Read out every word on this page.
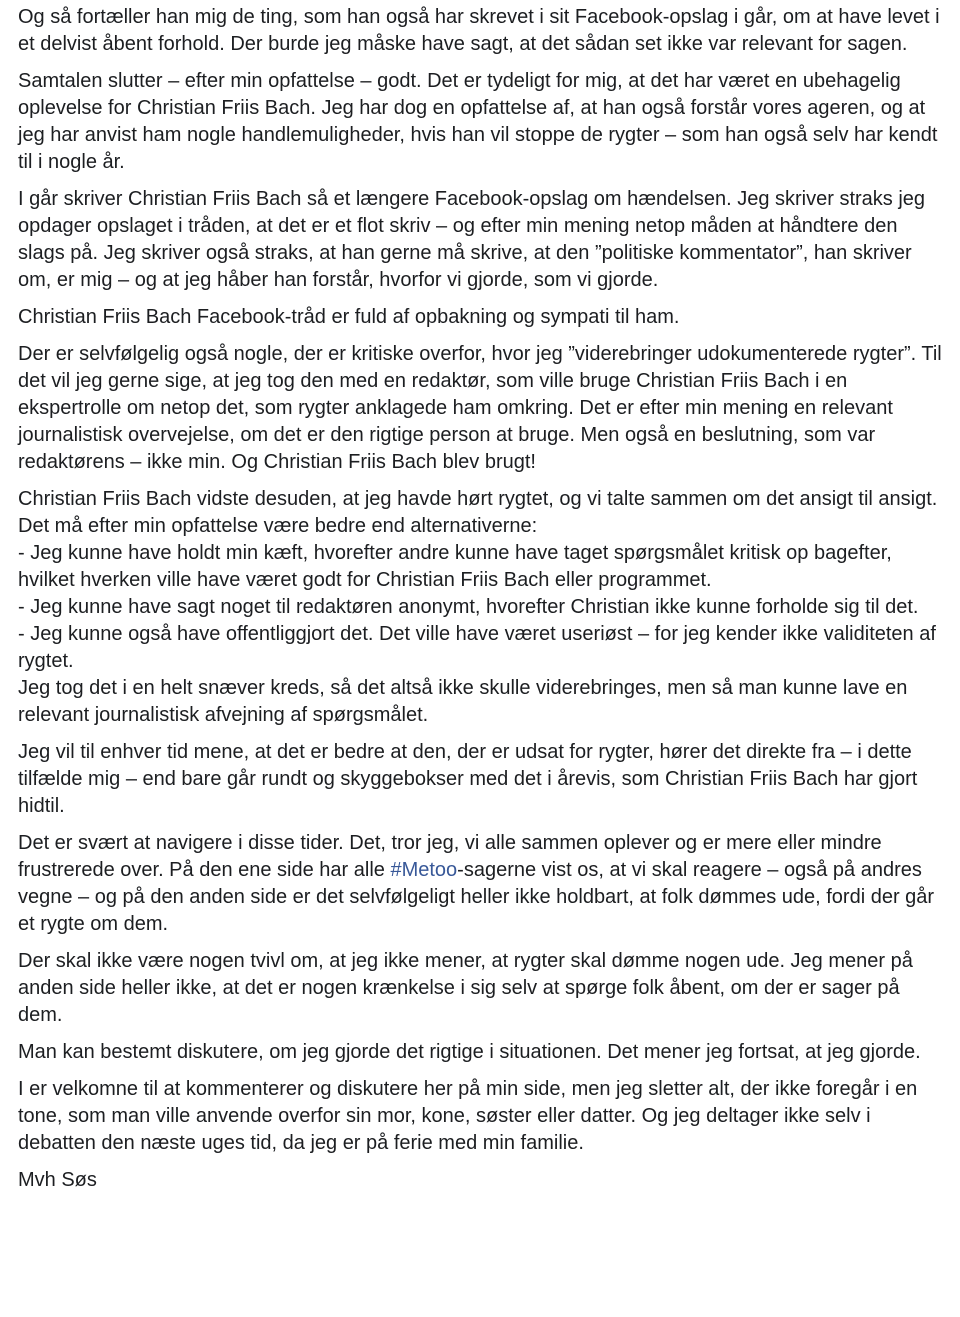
Og så fortæller han mig de ting, som han også har skrevet i sit Facebook-opslag i går, om at have levet i et delvist åbent forhold. Der burde jeg måske have sagt, at det sådan set ikke var relevant for sagen.

Samtalen slutter – efter min opfattelse – godt. Det er tydeligt for mig, at det har været en ubehagelig oplevelse for Christian Friis Bach. Jeg har dog en opfattelse af, at han også forstår vores ageren, og at jeg har anvist ham nogle handlemuligheder, hvis han vil stoppe de rygter – som han også selv har kendt til i nogle år.

I går skriver Christian Friis Bach så et længere Facebook-opslag om hændelsen. Jeg skriver straks jeg opdager opslaget i tråden, at det er et flot skriv – og efter min mening netop måden at håndtere den slags på. Jeg skriver også straks, at han gerne må skrive, at den ”politiske kommentator”, han skriver om, er mig – og at jeg håber han forstår, hvorfor vi gjorde, som vi gjorde.

Christian Friis Bach Facebook-tråd er fuld af opbakning og sympati til ham.

Der er selvfølgelig også nogle, der er kritiske overfor, hvor jeg ”viderebringer udokumenterede rygter”. Til det vil jeg gerne sige, at jeg tog den med en redaktør, som ville bruge Christian Friis Bach i en ekspertrolle om netop det, som rygter anklagede ham omkring. Det er efter min mening en relevant journalistisk overvejelse, om det er den rigtige person at bruge. Men også en beslutning, som var redaktørens – ikke min. Og Christian Friis Bach blev brugt!

Christian Friis Bach vidste desuden, at jeg havde hørt rygtet, og vi talte sammen om det ansigt til ansigt. Det må efter min opfattelse være bedre end alternativerne:
- Jeg kunne have holdt min kæft, hvorefter andre kunne have taget spørgsmålet kritisk op bagefter, hvilket hverken ville have været godt for Christian Friis Bach eller programmet.
- Jeg kunne have sagt noget til redaktøren anonymt, hvorefter Christian ikke kunne forholde sig til det.
- Jeg kunne også have offentliggjort det. Det ville have været useriøst – for jeg kender ikke validiteten af rygtet.
Jeg tog det i en helt snæver kreds, så det altså ikke skulle viderebringes, men så man kunne lave en relevant journalistisk afvejning af spørgsmålet.

Jeg vil til enhver tid mene, at det er bedre at den, der er udsat for rygter, hører det direkte fra – i dette tilfælde mig – end bare går rundt og skyggebokser med det i årevis, som Christian Friis Bach har gjort hidtil.

Det er svært at navigere i disse tider. Det, tror jeg, vi alle sammen oplever og er mere eller mindre frustrerede over. På den ene side har alle #Metoo-sagerne vist os, at vi skal reagere – også på andres vegne – og på den anden side er det selvfølgeligt heller ikke holdbart, at folk dømmes ude, fordi der går et rygte om dem.

Der skal ikke være nogen tvivl om, at jeg ikke mener, at rygter skal dømme nogen ude. Jeg mener på anden side heller ikke, at det er nogen krænkelse i sig selv at spørge folk åbent, om der er sager på dem.

Man kan bestemt diskutere, om jeg gjorde det rigtige i situationen. Det mener jeg fortsat, at jeg gjorde.

I er velkomne til at kommenterer og diskutere her på min side, men jeg sletter alt, der ikke foregår i en tone, som man ville anvende overfor sin mor, kone, søster eller datter. Og jeg deltager ikke selv i debatten den næste uges tid, da jeg er på ferie med min familie.

Mvh Søs
